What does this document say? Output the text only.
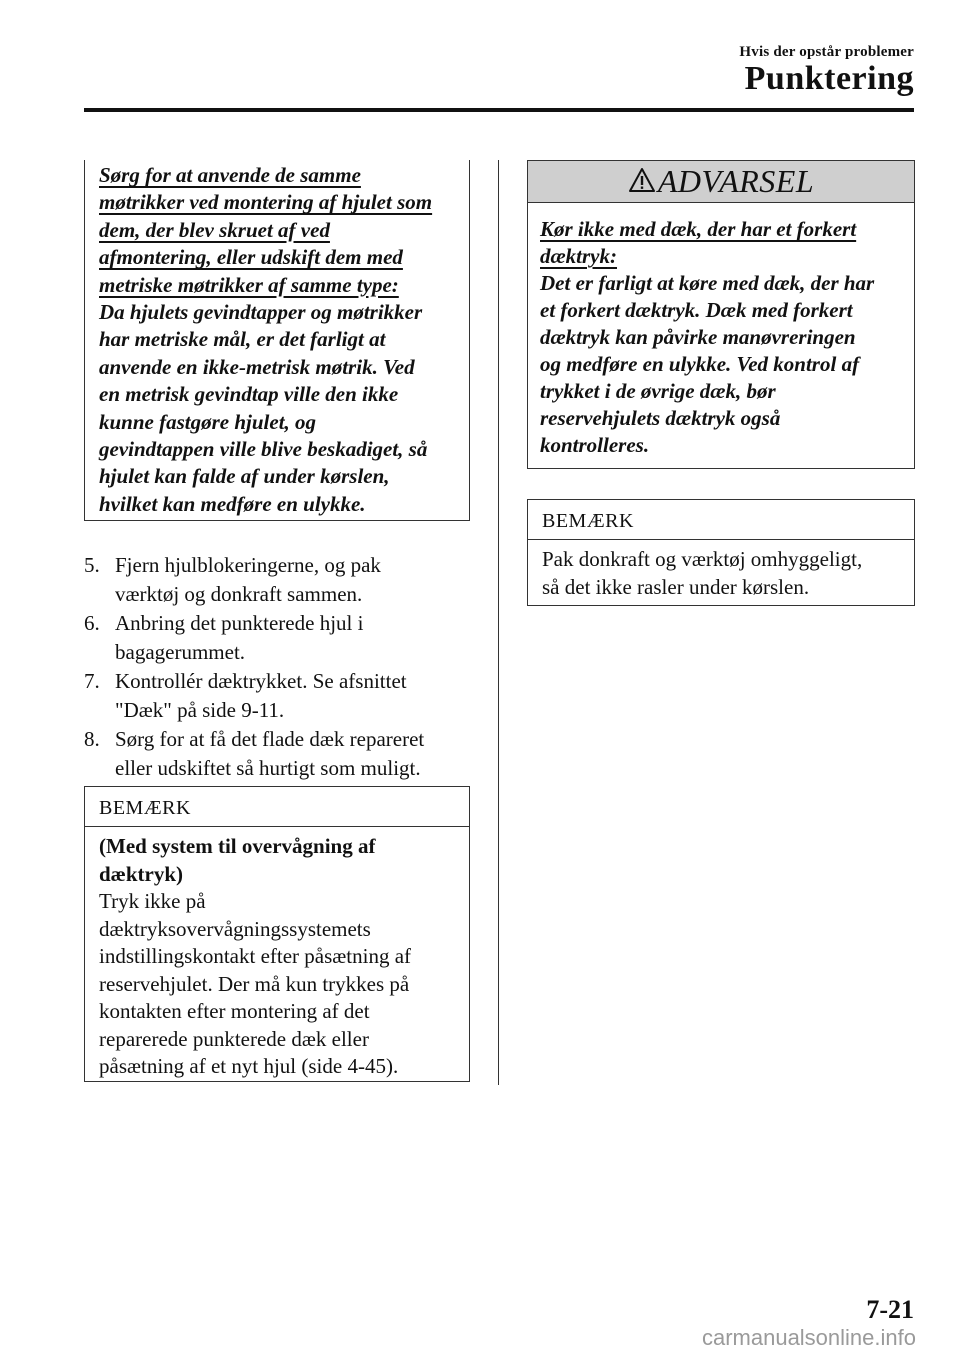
Hvis der opstår problemer
Punktering
Sørg for at anvende de samme
møtrikker ved montering af hjulet som
dem, der blev skruet af ved
afmontering, eller udskift dem med
metriske møtrikker af samme type:
Da hjulets gevindtapper og møtrikker
har metriske mål, er det farligt at
anvende en ikke-metrisk møtrik. Ved
en metrisk gevindtap ville den ikke
kunne fastgøre hjulet, og
gevindtappen ville blive beskadiget, så
hjulet kan falde af under kørslen,
hvilket kan medføre en ulykke.
5. Fjern hjulblokeringerne, og pak
værktøj og donkraft sammen.
6. Anbring det punkterede hjul i
bagagerummet.
7. Kontrollér dæktrykket. Se afsnittet
"Dæk" på side 9-11.
8. Sørg for at få det flade dæk repareret
eller udskiftet så hurtigt som muligt.
BEMÆRK
(Med system til overvågning af
dæktryk)
Tryk ikke på
dæktryksovervågningssystemets
indstillingskontakt efter påsætning af
reservehjulet. Der må kun trykkes på
kontakten efter montering af det
reparerede punkterede dæk eller
påsætning af et nyt hjul (side 4-45).
ADVARSEL
Kør ikke med dæk, der har et forkert
dæktryk:
Det er farligt at køre med dæk, der har
et forkert dæktryk. Dæk med forkert
dæktryk kan påvirke manøvreringen
og medføre en ulykke. Ved kontrol af
trykket i de øvrige dæk, bør
reservehjulets dæktryk også
kontrolleres.
BEMÆRK
Pak donkraft og værktøj omhyggeligt,
så det ikke rasler under kørslen.
7-21
carmanualsonline.info
